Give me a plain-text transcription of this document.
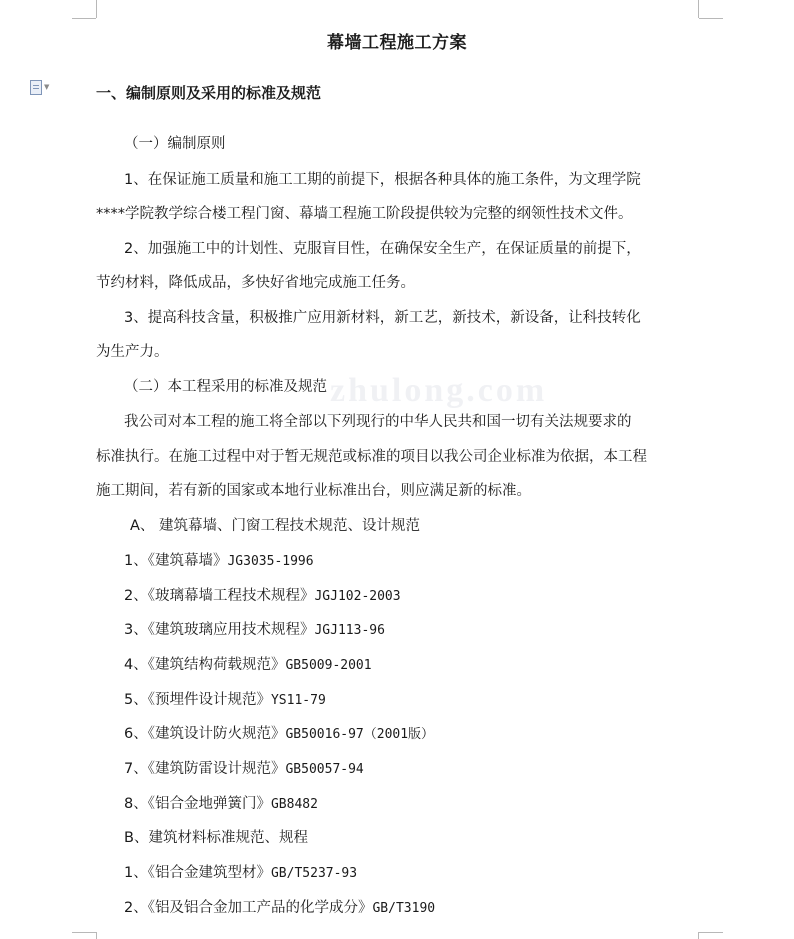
▼
zhulong.com
幕墙工程施工方案
一、编制原则及采用的标准及规范
（一）编制原则
1、在保证施工质量和施工工期的前提下，根据各种具体的施工条件，为文理学院
****学院教学综合楼工程门窗、幕墙工程施工阶段提供较为完整的纲领性技术文件。
2、加强施工中的计划性、克服盲目性，在确保安全生产，在保证质量的前提下，
节约材料，降低成品，多快好省地完成施工任务。
3、提高科技含量，积极推广应用新材料，新工艺，新技术，新设备，让科技转化
为生产力。
（二）本工程采用的标准及规范
我公司对本工程的施工将全部以下列现行的中华人民共和国一切有关法规要求的
标准执行。在施工过程中对于暂无规范或标准的项目以我公司企业标准为依据，本工程
施工期间，若有新的国家或本地行业标准出台，则应满足新的标准。
A、 建筑幕墙、门窗工程技术规范、设计规范
1、《建筑幕墙》JG3035-1996
2、《玻璃幕墙工程技术规程》JGJ102-2003
3、《建筑玻璃应用技术规程》JGJ113-96
4、《建筑结构荷载规范》GB5009-2001
5、《预埋件设计规范》YS11-79
6、《建筑设计防火规范》GB50016-97（2001版）
7、《建筑防雷设计规范》GB50057-94
8、《铝合金地弹簧门》GB8482
B、建筑材料标准规范、规程
1、《铝合金建筑型材》GB/T5237-93
2、《铝及铝合金加工产品的化学成分》GB/T3190
